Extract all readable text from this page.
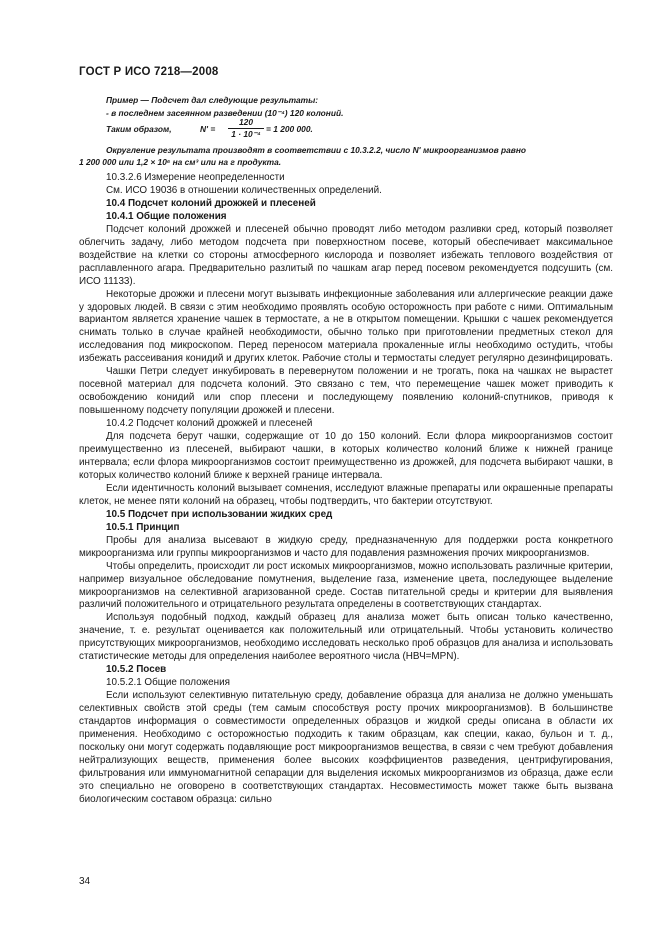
ГОСТ Р ИСО 7218—2008
Пример — Подсчет дал следующие результаты:
- в последнем засеянном разведении (10⁻⁴) 120 колоний.
Таким образом,	N' =
120
1 · 10⁻⁴ = 1 200 000.
Округление результата производят в соответствии с 10.3.2.2, число N' микроорганизмов равно
1 200 000 или 1,2 × 10⁶ на см³ или на г продукта.

10.3.2.6 Измерение неопределенности

См. ИСО 19036 в отношении количественных определений.

10.4 Подсчет колоний дрожжей и плесеней

10.4.1 Общие положения

Подсчет колоний дрожжей и плесеней обычно проводят либо методом разливки сред, который позволяет облегчить задачу, либо методом подсчета при поверхностном посеве, который обеспечивает максимальное воздействие на клетки со стороны атмосферного кислорода и позволяет избежать теплового воздействия от расплавленного агара. Предварительно разлитый по чашкам агар перед посевом рекомендуется подсушить (см. ИСО 11133).

Некоторые дрожжи и плесени могут вызывать инфекционные заболевания или аллергические реакции даже у здоровых людей. В связи с этим необходимо проявлять особую осторожность при работе с ними. Оптимальным вариантом является хранение чашек в термостате, а не в открытом помещении. Крышки с чашек рекомендуется снимать только в случае крайней необходимости, обычно только при приготовлении предметных стекол для исследования под микроскопом. Перед переносом материала прокаленные иглы необходимо остудить, чтобы избежать рассеивания конидий и других клеток. Рабочие столы и термостаты следует регулярно дезинфицировать.

Чашки Петри следует инкубировать в перевернутом положении и не трогать, пока на чашках не вырастет посевной материал для подсчета колоний. Это связано с тем, что перемещение чашек может приводить к освобождению конидий или спор плесени и последующему появлению колоний-спутников, приводя к повышенному подсчету популяции дрожжей и плесени.

10.4.2 Подсчет колоний дрожжей и плесеней

Для подсчета берут чашки, содержащие от 10 до 150 колоний. Если флора микроорганизмов состоит преимущественно из плесеней, выбирают чашки, в которых количество колоний ближе к нижней границе интервала; если флора микроорганизмов состоит преимущественно из дрожжей, для подсчета выбирают чашки, в которых количество колоний ближе к верхней границе интервала.

Если идентичность колоний вызывает сомнения, исследуют влажные препараты или окрашенные препараты клеток, не менее пяти колоний на образец, чтобы подтвердить, что бактерии отсутствуют.

10.5 Подсчет при использовании жидких сред

10.5.1 Принцип

Пробы для анализа высевают в жидкую среду, предназначенную для поддержки роста конкретного микроорганизма или группы микроорганизмов и часто для подавления размножения прочих микроорганизмов.

Чтобы определить, происходит ли рост искомых микроорганизмов, можно использовать различные критерии, например визуальное обследование помутнения, выделение газа, изменение цвета, последующее выделение микроорганизмов на селективной агаризованной среде. Состав питательной среды и критерии для выявления различий положительного и отрицательного результата определены в соответствующих стандартах.

Используя подобный подход, каждый образец для анализа может быть описан только качественно, значение, т. е. результат оценивается как положительный или отрицательный. Чтобы установить количество присутствующих микроорганизмов, необходимо исследовать несколько проб образцов для анализа и использовать статистические методы для определения наиболее вероятного числа (НВЧ=MPN).

10.5.2 Посев

10.5.2.1 Общие положения

Если используют селективную питательную среду, добавление образца для анализа не должно уменьшать селективных свойств этой среды (тем самым способствуя росту прочих микроорганизмов). В большинстве стандартов информация о совместимости определенных образцов и жидкой среды описана в области их применения. Необходимо с осторожностью подходить к таким образцам, как специи, какао, бульон и т. д., поскольку они могут содержать подавляющие рост микроорганизмов вещества, в связи с чем требуют добавления нейтрализующих веществ, применения более высоких коэффициентов разведения, центрифугирования, фильтрования или иммуномагнитной сепарации для выделения искомых микроорганизмов из образца, даже если это специально не оговорено в соответствующих стандартах. Несовместимость может также быть вызвана биологическим составом образца: сильно

34
